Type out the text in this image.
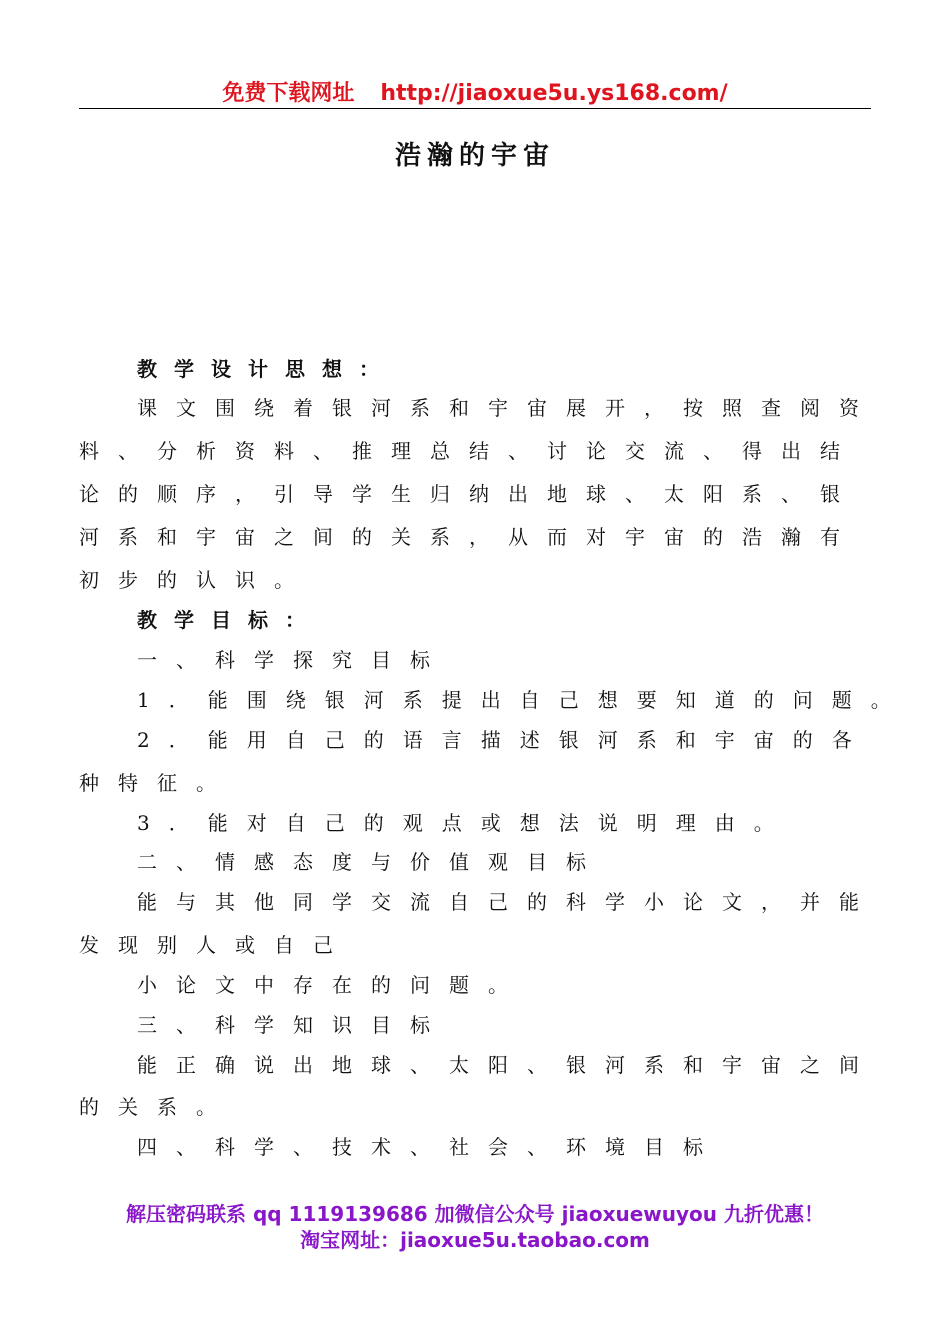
免费下载网址 http://jiaoxue5u.ys168.com/
浩瀚的宇宙
教学设计思想：
课文围绕着银河系和宇宙展开，按照查阅资
料、分析资料、推理总结、讨论交流、得出结
论的顺序，引导学生归纳出地球、太阳系、银
河系和宇宙之间的关系，从而对宇宙的浩瀚有
初步的认识。
教学目标：
一、科学探究目标
1．能围绕银河系提出自己想要知道的问题。
2．能用自己的语言描述银河系和宇宙的各
种特征。
3．能对自己的观点或想法说明理由。
二、情感态度与价值观目标
能与其他同学交流自己的科学小论文，并能
发现别人或自己
小论文中存在的问题。
三、科学知识目标
能正确说出地球、太阳、银河系和宇宙之间
的关系。
四、科学、技术、社会、环境目标
解压密码联系 qq 1119139686 加微信公众号 jiaoxuewuyou 九折优惠！
淘宝网址：jiaoxue5u.taobao.com
